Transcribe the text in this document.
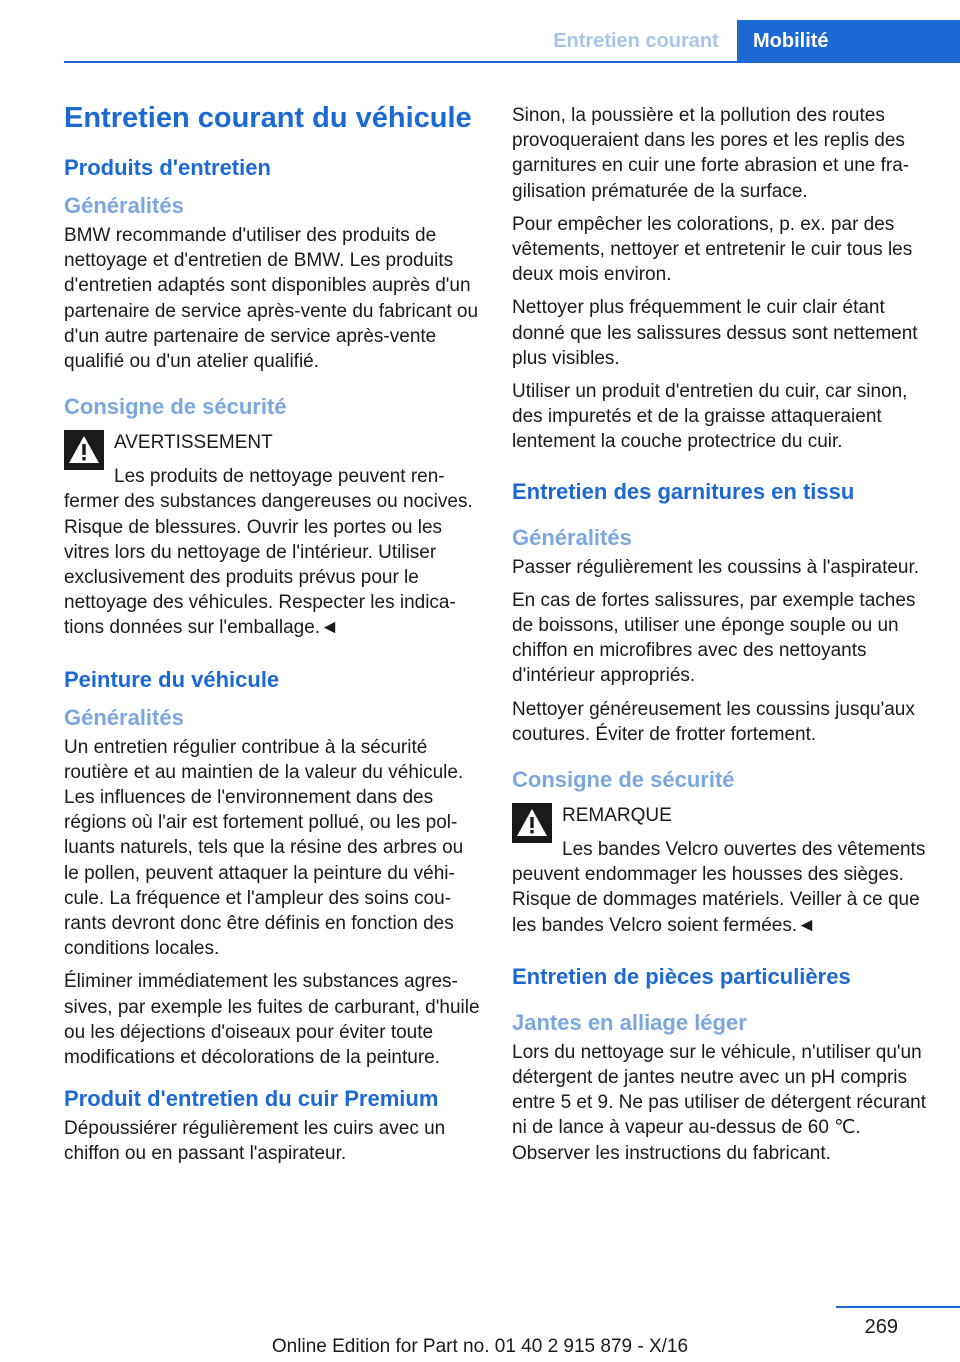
Entretien courant	Mobilité
Entretien courant du véhicule
Produits d'entretien
Généralités

BMW recommande d'utiliser des produits de nettoyage et d'entretien de BMW. Les produits d'entretien adaptés sont disponibles auprès d'un partenaire de service après-vente du fabricant ou d'un autre partenaire de service après-vente qualifié ou d'un atelier qualifié.

Consigne de sécurité
AVERTISSEMENT

Les produits de nettoyage peuvent renfermer des substances dangereuses ou nocives. Risque de blessures. Ouvrir les portes ou les vitres lors du nettoyage de l'intérieur. Utiliser exclusivement des produits prévus pour le nettoyage des véhicules. Respecter les indications données sur l'emballage.◄

Peinture du véhicule
Généralités

Un entretien régulier contribue à la sécurité routière et au maintien de la valeur du véhicule. Les influences de l'environnement dans des régions où l'air est fortement pollué, ou les polluants naturels, tels que la résine des arbres ou le pollen, peuvent attaquer la peinture du véhicule. La fréquence et l'ampleur des soins courants devront donc être définis en fonction des conditions locales.

Éliminer immédiatement les substances agressives, par exemple les fuites de carburant, d'huile ou les déjections d'oiseaux pour éviter toute modifications et décolorations de la peinture.

Produit d'entretien du cuir Premium

Dépoussiérer régulièrement les cuirs avec un chiffon ou en passant l'aspirateur.

Sinon, la poussière et la pollution des routes provoqueraient dans les pores et les replis des garnitures en cuir une forte abrasion et une fragilisation prématurée de la surface.

Pour empêcher les colorations, p. ex. par des vêtements, nettoyer et entretenir le cuir tous les deux mois environ.

Nettoyer plus fréquemment le cuir clair étant donné que les salissures dessus sont nettement plus visibles.

Utiliser un produit d'entretien du cuir, car sinon, des impuretés et de la graisse attaqueraient lentement la couche protectrice du cuir.

Entretien des garnitures en tissu
Généralités

Passer régulièrement les coussins à l'aspirateur.

En cas de fortes salissures, par exemple taches de boissons, utiliser une éponge souple ou un chiffon en microfibres avec des nettoyants d'intérieur appropriés.

Nettoyer généreusement les coussins jusqu'aux coutures. Éviter de frotter fortement.

Consigne de sécurité
REMARQUE

Les bandes Velcro ouvertes des vêtements peuvent endommager les housses des sièges. Risque de dommages matériels. Veiller à ce que les bandes Velcro soient fermées.◄

Entretien de pièces particulières
Jantes en alliage léger

Lors du nettoyage sur le véhicule, n'utiliser qu'un détergent de jantes neutre avec un pH compris entre 5 et 9. Ne pas utiliser de détergent récurant ni de lance à vapeur au-dessus de 60 ℃. Observer les instructions du fabricant.

269
Online Edition for Part no. 01 40 2 915 879 - X/16
